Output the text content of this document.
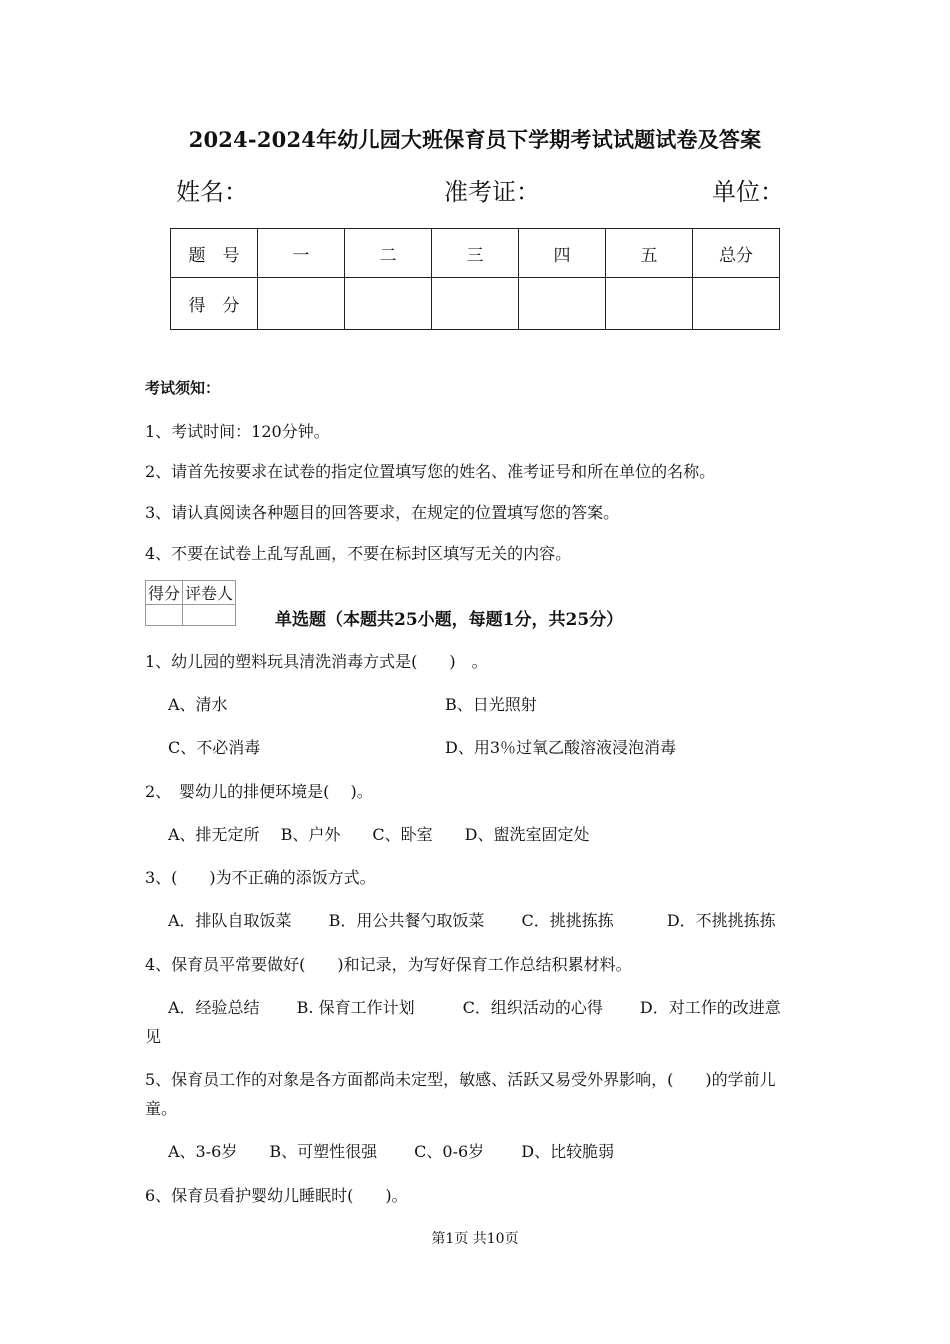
2024-2024年幼儿园大班保育员下学期考试试题试卷及答案
姓名：	准考证：	单位：
题　号	一	二	三	四	五	总分
得　分						
考试须知：
1、考试时间：120分钟。
2、请首先按要求在试卷的指定位置填写您的姓名、准考证号和所在单位的名称。
3、请认真阅读各种题目的回答要求，在规定的位置填写您的答案。
4、不要在试卷上乱写乱画，不要在标封区填写无关的内容。
得分	评卷人

单选题（本题共25小题，每题1分，共25分）
1、幼儿园的塑料玩具清洗消毒方式是(　　)　。
A、清水	B、日光照射
C、不必消毒	D、用3％过氧乙酸溶液浸泡消毒
2、　婴幼儿的排便环境是(　 )。
A、排无定所　 B、户外　　C、卧室　　D、盥洗室固定处
3、(　　)为不正确的添饭方式。
A．排队自取饭菜　　 B．用公共餐勺取饭菜　　 C．挑挑拣拣　　　 D．不挑挑拣拣
4、保育员平常要做好(　　)和记录，为写好保育工作总结积累材料。
A．经验总结　　 B. 保育工作计划　　　C．组织活动的心得　　 D．对工作的改进意
见
5、保育员工作的对象是各方面都尚未定型，敏感、活跃又易受外界影响，(　　)的学前儿
童。
A、3-6岁　　B、可塑性很强　　 C、0-6岁　　 D、比较脆弱
6、保育员看护婴幼儿睡眠时(　　)。
第1页 共10页
